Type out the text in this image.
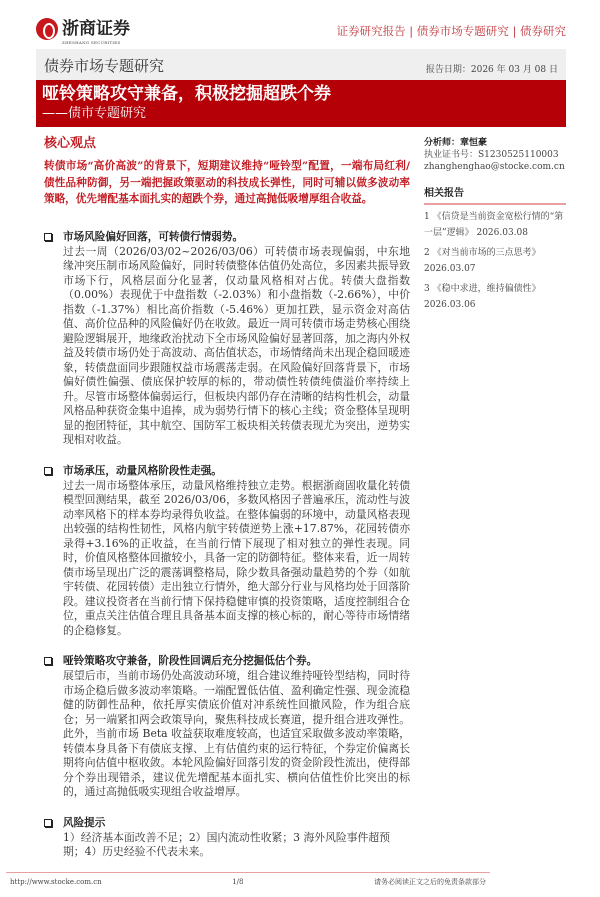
浙商证券
ZHESHANG SECURITIES
证券研究报告 | 债券市场专题研究 | 债券研究
债券市场专题研究	报告日期：2026 年 03 月 08 日
哑铃策略攻守兼备，积极挖掘超跌个券
——债市专题研究
核心观点
转债市场“高价高波”的背景下，短期建议维持“哑铃型”配置，一端布局红利/债性品种防御，另一端把握政策驱动的科技成长弹性，同时可辅以做多波动率策略，优先增配基本面扎实的超跌个券，通过高抛低吸增厚组合收益。
市场风险偏好回落，可转债行情弱势。
过去一周（2026/03/02~2026/03/06）可转债市场表现偏弱，中东地缘冲突压制市场风险偏好，同时转债整体估值仍处高位，多因素共振导致市场下行，风格层面分化显著，仅动量风格相对占优。转债大盘指数（0.00%）表现优于中盘指数（-2.03%）和小盘指数（-2.66%），中价指数（-1.37%）相比高价指数（-5.46%）更加扛跌，显示资金对高估值、高价位品种的风险偏好仍在收敛。最近一周可转债市场走势核心围绕避险逻辑展开，地缘政治扰动下全市场风险偏好显著回落，加之海内外权益及转债市场仍处于高波动、高估值状态，市场情绪尚未出现企稳回暖迹象，转债盘面同步跟随权益市场震荡走弱。在风险偏好回落背景下，市场偏好债性偏强、债底保护较厚的标的，带动债性转债纯债溢价率持续上升。尽管市场整体偏弱运行，但板块内部仍存在清晰的结构性机会，动量风格品种获资金集中追捧，成为弱势行情下的核心主线；资金整体呈现明显的抱团特征，其中航空、国防军工板块相关转债表现尤为突出，逆势实现相对收益。
市场承压，动量风格阶段性走强。
过去一周市场整体承压，动量风格维持独立走势。根据浙商固收量化转债模型回测结果，截至 2026/03/06，多数风格因子普遍承压，流动性与波动率风格下的样本券均录得负收益。在整体偏弱的环境中，动量风格表现出较强的结构性韧性，风格内航宇转债逆势上涨+17.87%，花园转债亦录得+3.16%的正收益，在当前行情下展现了相对独立的弹性表现。同时，价值风格整体回撤较小，具备一定的防御特征。整体来看，近一周转债市场呈现出广泛的震荡调整格局，除少数具备强动量趋势的个券（如航宇转债、花园转债）走出独立行情外，绝大部分行业与风格均处于回落阶段。建议投资者在当前行情下保持稳健审慎的投资策略，适度控制组合仓位，重点关注估值合理且具备基本面支撑的核心标的，耐心等待市场情绪的企稳修复。
哑铃策略攻守兼备，阶段性回调后充分挖掘低估个券。
展望后市，当前市场仍处高波动环境，组合建议维持哑铃型结构，同时待市场企稳后做多波动率策略。一端配置低估值、盈利确定性强、现金流稳健的防御性品种，依托厚实债底价值对冲系统性回撤风险，作为组合底仓；另一端紧扣两会政策导向，聚焦科技成长赛道，提升组合进攻弹性。此外，当前市场 Beta 收益获取难度较高，也适宜采取做多波动率策略，转债本身具备下有债底支撑、上有估值约束的运行特征，个券定价偏离长期将向估值中枢收敛。本轮风险偏好回落引发的资金阶段性流出，使得部分个券出现错杀，建议优先增配基本面扎实、横向估值性价比突出的标的，通过高抛低吸实现组合收益增厚。
风险提示
1）经济基本面改善不足；2）国内流动性收紧；3 海外风险事件超预期；4）历史经验不代表未来。
分析师：章恒豪
执业证书号：S1230525110003
zhanghenghao@stocke.com.cn
相关报告
1 《信贷是当前资金宽松行情的“第一层”逻辑》 2026.03.08
2 《对当前市场的三点思考》 2026.03.07
3 《稳中求进，维持偏债性》 2026.03.06
http://www.stocke.com.cn	1/8	请务必阅读正文之后的免责条款部分
